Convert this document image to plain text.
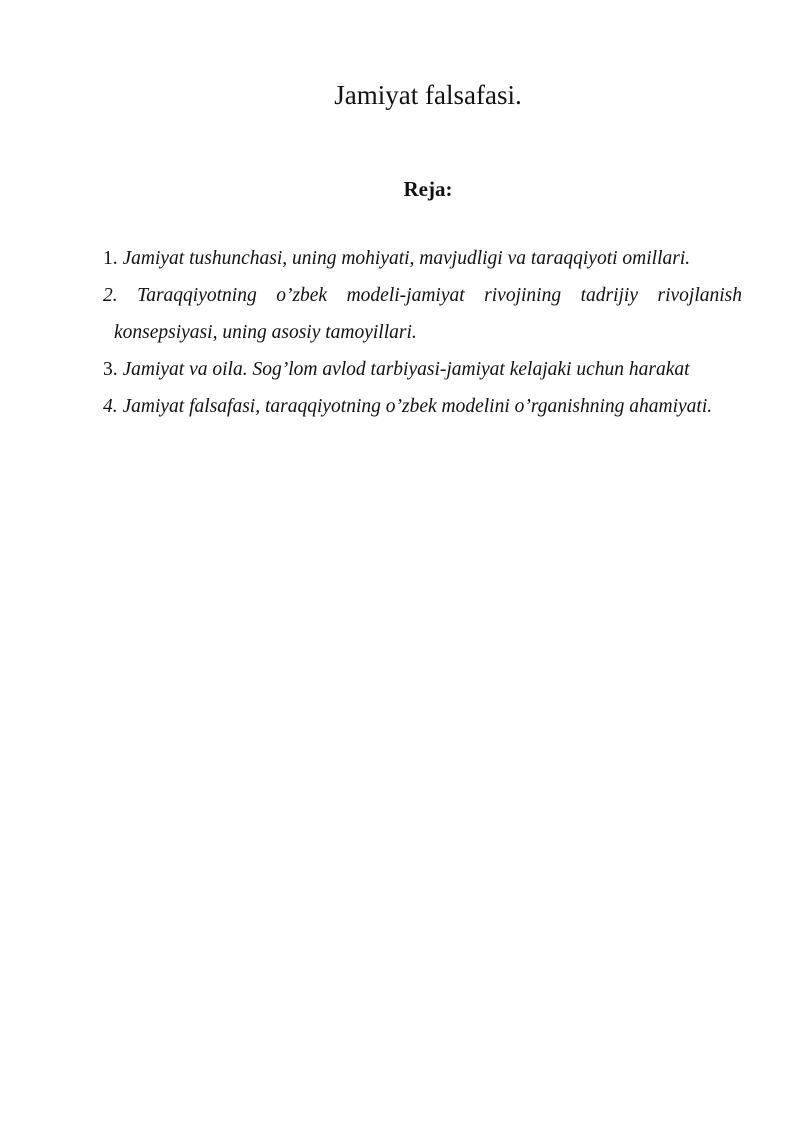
Jamiyat falsafasi.
Reja:
1. Jamiyat tushunchasi, uning mohiyati, mavjudligi va taraqqiyoti omillari.
2. Taraqqiyotning o’zbek modeli-jamiyat rivojining tadrijiy rivojlanish konsepsiyasi, uning asosiy tamoyillari.
3. Jamiyat va oila. Sog’lom avlod tarbiyasi-jamiyat kelajaki uchun harakat
4. Jamiyat falsafasi, taraqqiyotning o’zbek modelini o’rganishning ahamiyati.
